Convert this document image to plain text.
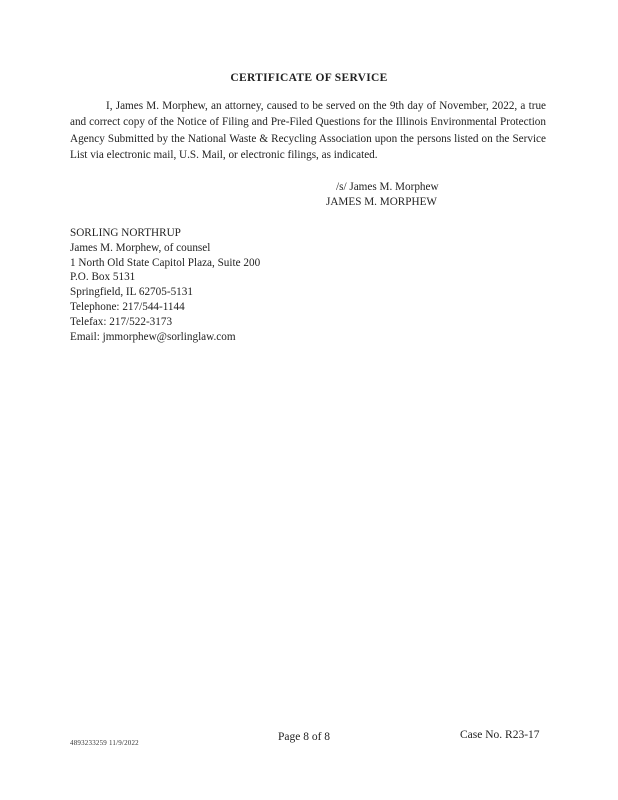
CERTIFICATE OF SERVICE
I, James M. Morphew, an attorney, caused to be served on the 9th day of November, 2022, a true and correct copy of the Notice of Filing and Pre-Filed Questions for the Illinois Environmental Protection Agency Submitted by the National Waste & Recycling Association upon the persons listed on the Service List via electronic mail, U.S. Mail, or electronic filings, as indicated.
/s/ James M. Morphew
JAMES M. MORPHEW
SORLING NORTHRUP
James M. Morphew, of counsel
1 North Old State Capitol Plaza, Suite 200
P.O. Box 5131
Springfield, IL 62705-5131
Telephone: 217/544-1144
Telefax: 217/522-3173
Email: jmmorphew@sorlinglaw.com
4893233259 11/9/2022	Page 8 of 8	Case No. R23-17
